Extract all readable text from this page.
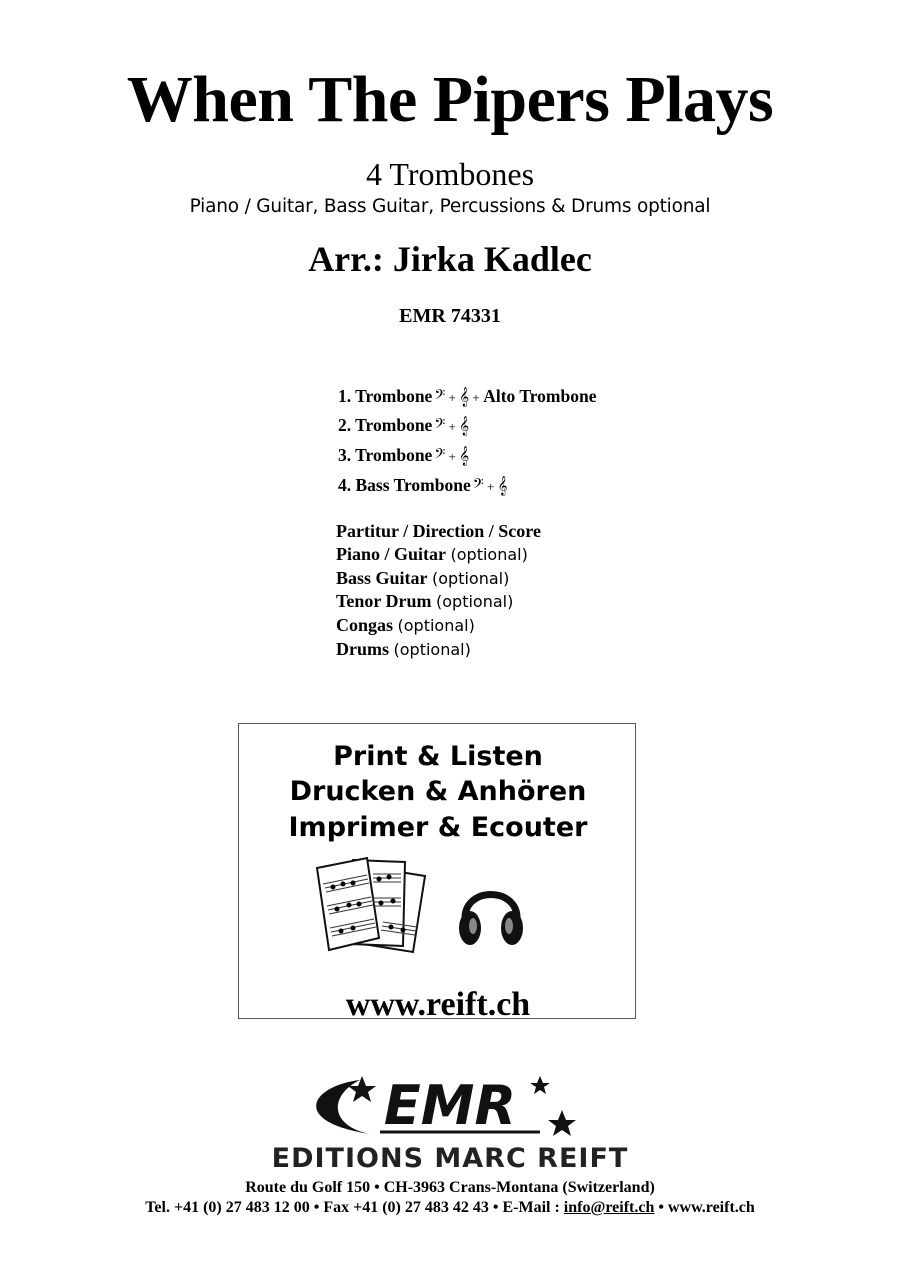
When The Pipers Plays
4 Trombones
Piano / Guitar, Bass Guitar, Percussions & Drums optional
Arr.: Jirka Kadlec
EMR 74331
1. Trombone 𝄢 + 𝄞 + Alto Trombone
2. Trombone 𝄢 + 𝄞
3. Trombone 𝄢 + 𝄞
4. Bass Trombone 𝄢 + 𝄞
Partitur / Direction / Score
Piano / Guitar (optional)
Bass Guitar (optional)
Tenor Drum (optional)
Congas (optional)
Drums (optional)
Print & Listen
Drucken & Anhören
Imprimer & Ecouter
www.reift.ch
EMR
EDITIONS MARC REIFT
Route du Golf 150 • CH-3963 Crans-Montana (Switzerland)
Tel. +41 (0) 27 483 12 00 • Fax +41 (0) 27 483 42 43 • E-Mail : info@reift.ch • www.reift.ch
